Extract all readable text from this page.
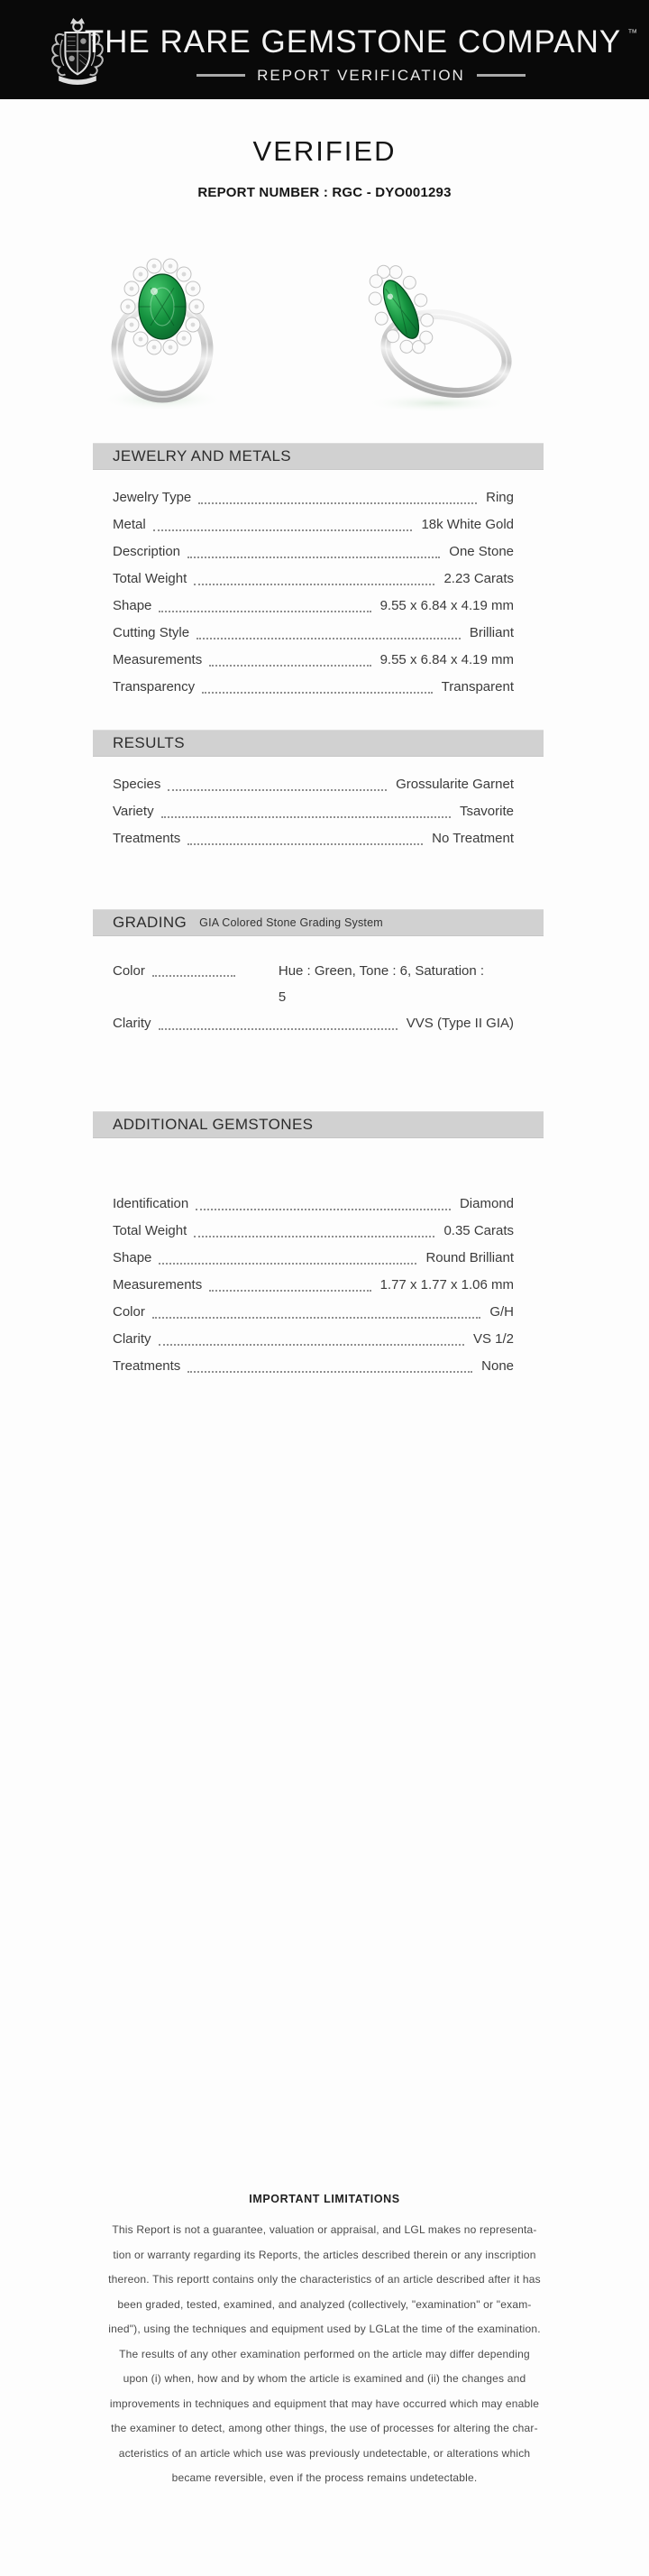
THE RARE GEMSTONE COMPANY ™
REPORT VERIFICATION
VERIFIED
REPORT NUMBER : RGC - DYO001293
JEWELRY AND METALS
Jewelry Type	Ring
Metal	18k White Gold
Description	One Stone
Total Weight	2.23 Carats
Shape	9.55 x 6.84 x 4.19 mm
Cutting Style	Brilliant
Measurements	9.55 x 6.84 x 4.19 mm
Transparency	Transparent
RESULTS
Species	Grossularite Garnet
Variety	Tsavorite
Treatments	No Treatment
GRADING GIA Colored Stone Grading System
Color	Hue : Green, Tone : 6, Saturation :
5
Clarity	VVS (Type II GIA)
ADDITIONAL GEMSTONES
Identification	Diamond
Total Weight	0.35 Carats
Shape	Round Brilliant
Measurements	1.77 x 1.77 x 1.06 mm
Color	G/H
Clarity	VS 1/2
Treatments	None
IMPORTANT LIMITATIONS
This Report is not a guarantee, valuation or appraisal, and LGL makes no representa-
tion or warranty regarding its Reports, the articles described therein or any inscription
thereon. This reportt contains only the characteristics of an article described after it has
been graded, tested, examined, and analyzed (collectively, "examination" or "exam-
ined"), using the techniques and equipment used by LGLat the time of the examination.
The results of any other examination performed on the article may differ depending
upon (i) when, how and by whom the article is examined and (ii) the changes and
improvements in techniques and equipment that may have occurred which may enable
the examiner to detect, among other things, the use of processes for altering the char-
acteristics of an article which use was previously undetectable, or alterations which
became reversible, even if the process remains undetectable.
